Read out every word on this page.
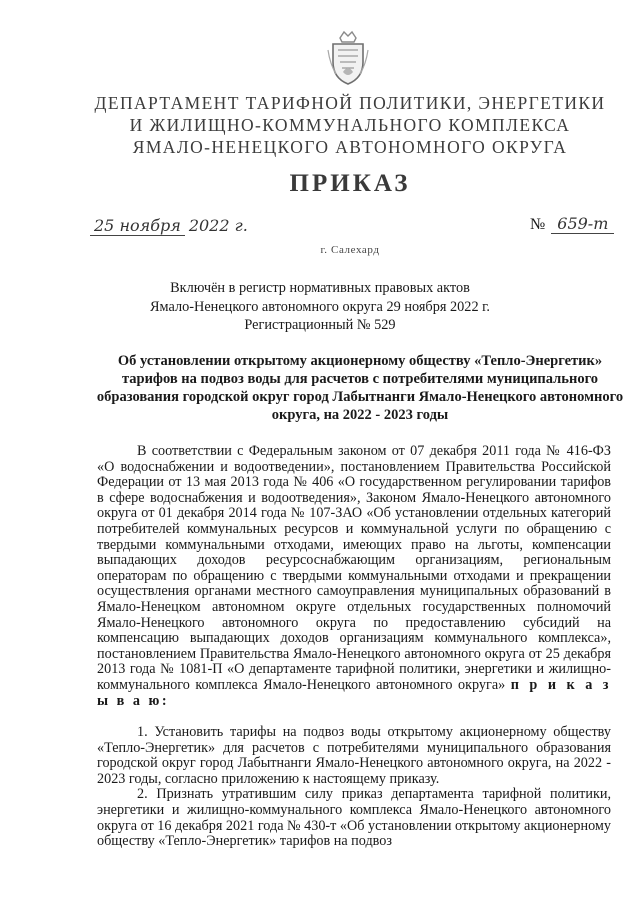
ДЕПАРТАМЕНТ ТАРИФНОЙ ПОЛИТИКИ, ЭНЕРГЕТИКИ
И ЖИЛИЩНО-КОММУНАЛЬНОГО КОМПЛЕКСА
ЯМАЛО-НЕНЕЦКОГО АВТОНОМНОГО ОКРУГА
ПРИКАЗ
25 ноября 2022 г.	№ 659-т
г. Салехард
Включён в регистр нормативных правовых актов
Ямало-Ненецкого автономного округа 29 ноября 2022 г.
Регистрационный № 529
Об установлении открытому акционерному обществу «Тепло-Энергетик» тарифов на подвоз воды для расчетов с потребителями муниципального образования городской округ город Лабытнанги Ямало-Ненецкого автономного округа, на 2022 - 2023 годы

В соответствии с Федеральным законом от 07 декабря 2011 года № 416-ФЗ «О водоснабжении и водоотведении», постановлением Правительства Российской Федерации от 13 мая 2013 года № 406 «О государственном регулировании тарифов в сфере водоснабжения и водоотведения», Законом Ямало-Ненецкого автономного округа от 01 декабря 2014 года № 107-ЗАО «Об установлении отдельных категорий потребителей коммунальных ресурсов и коммунальной услуги по обращению с твердыми коммунальными отходами, имеющих право на льготы, компенсации выпадающих доходов ресурсоснабжающим организациям, региональным операторам по обращению с твердыми коммунальными отходами и прекращении осуществления органами местного самоуправления муниципальных образований в Ямало-Ненецком автономном округе отдельных государственных полномочий Ямало-Ненецкого автономного округа по предоставлению субсидий на компенсацию выпадающих доходов организациям коммунального комплекса», постановлением Правительства Ямало-Ненецкого автономного округа от 25 декабря 2013 года № 1081-П «О департаменте тарифной политики, энергетики и жилищно-коммунального комплекса Ямало-Ненецкого автономного округа» п р и к а з ы в а ю:

1. Установить тарифы на подвоз воды открытому акционерному обществу «Тепло-Энергетик» для расчетов с потребителями муниципального образования городской округ город Лабытнанги Ямало-Ненецкого автономного округа, на 2022 - 2023 годы, согласно приложению к настоящему приказу.

2. Признать утратившим силу приказ департамента тарифной политики, энергетики и жилищно-коммунального комплекса Ямало-Ненецкого автономного округа от 16 декабря 2021 года № 430-т «Об установлении открытому акционерному обществу «Тепло-Энергетик» тарифов на подвоз
